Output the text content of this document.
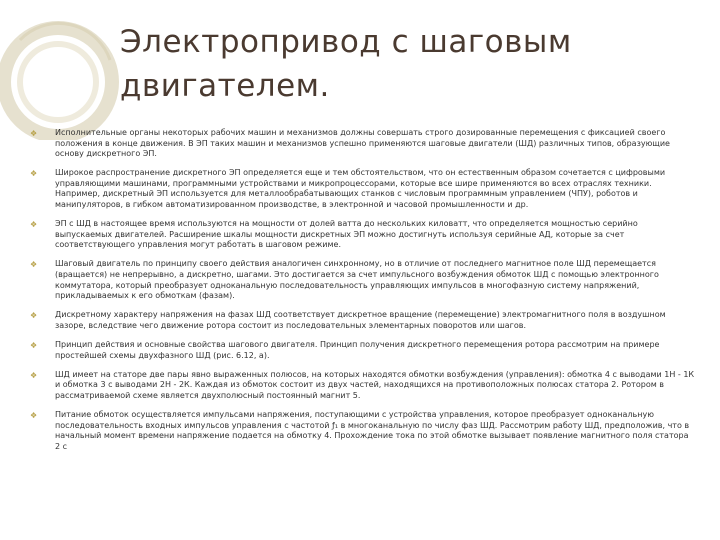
Электропривод с шаговым
двигателем.
❖ Исполнительные органы некоторых рабочих машин и механизмов должны совершать строго дозированные перемещения с фиксацией своего положения в конце движения. В ЭП таких машин и механизмов успешно применяются шаговые двигатели (ШД) различных типов, образующие основу дискретного ЭП.
❖ Широкое распространение дискретного ЭП определяется еще и тем обстоятельством, что он естественным образом сочетается с цифровыми управляющими машинами, программными устройствами и микропроцессорами, которые все шире применяются во всех отраслях техники. Например, дискретный ЭП используется для металлообрабатывающих станков с числовым программным управлением (ЧПУ), роботов и манипуляторов, в гибком автоматизированном производстве, в электронной и часовой промышленности и др.
❖ ЭП с ШД в настоящее время используются на мощности от долей ватта до нескольких киловатт, что определяется мощностью серийно выпускаемых двигателей. Расширение шкалы мощности дискретных ЭП можно достигнуть используя серийные АД, которые за счет соответствующего управления могут работать в шаговом режиме.
❖ Шаговый двигатель по принципу своего действия аналогичен синхронному, но в отличие от последнего магнитное поле ШД перемещается (вращается) не непрерывно, а дискретно, шагами. Это достигается за счет импульсного возбуждения обмоток ШД с помощью электронного коммутатора, который преобразует одноканальную последовательность управляющих импульсов в многофазную систему напряжений, прикладываемых к его обмоткам (фазам).
❖ Дискретному характеру напряжения на фазах ШД соответствует дискретное вращение (перемещение) электромагнитного поля в воздушном зазоре, вследствие чего движение ротора состоит из последовательных элементарных поворотов или шагов.
❖ Принцип действия и основные свойства шагового двигателя. Принцип получения дискретного перемещения ротора рассмотрим на примере простейшей схемы двухфазного ШД (рис. 6.12, а).
❖ ШД имеет на статоре две пары явно выраженных полюсов, на которых находятся обмотки возбуждения (управления): обмотка 4 с выводами 1Н - 1К и обмотка 3 с выводами 2Н - 2К. Каждая из обмоток состоит из двух частей, находящихся на противоположных полюсах статора 2. Ротором в рассматриваемой схеме является двухполюсный постоянный магнит 5.
❖ Питание обмоток осуществляется импульсами напряжения, поступающими с устройства управления, которое преобразует одноканальную последовательность входных импульсов управления с частотой ƒ₁ в многоканальную по числу фаз ШД. Рассмотрим работу ШД, предположив, что в начальный момент времени напряжение подается на обмотку 4. Прохождение тока по этой обмотке вызывает появление магнитного поля статора 2 с
